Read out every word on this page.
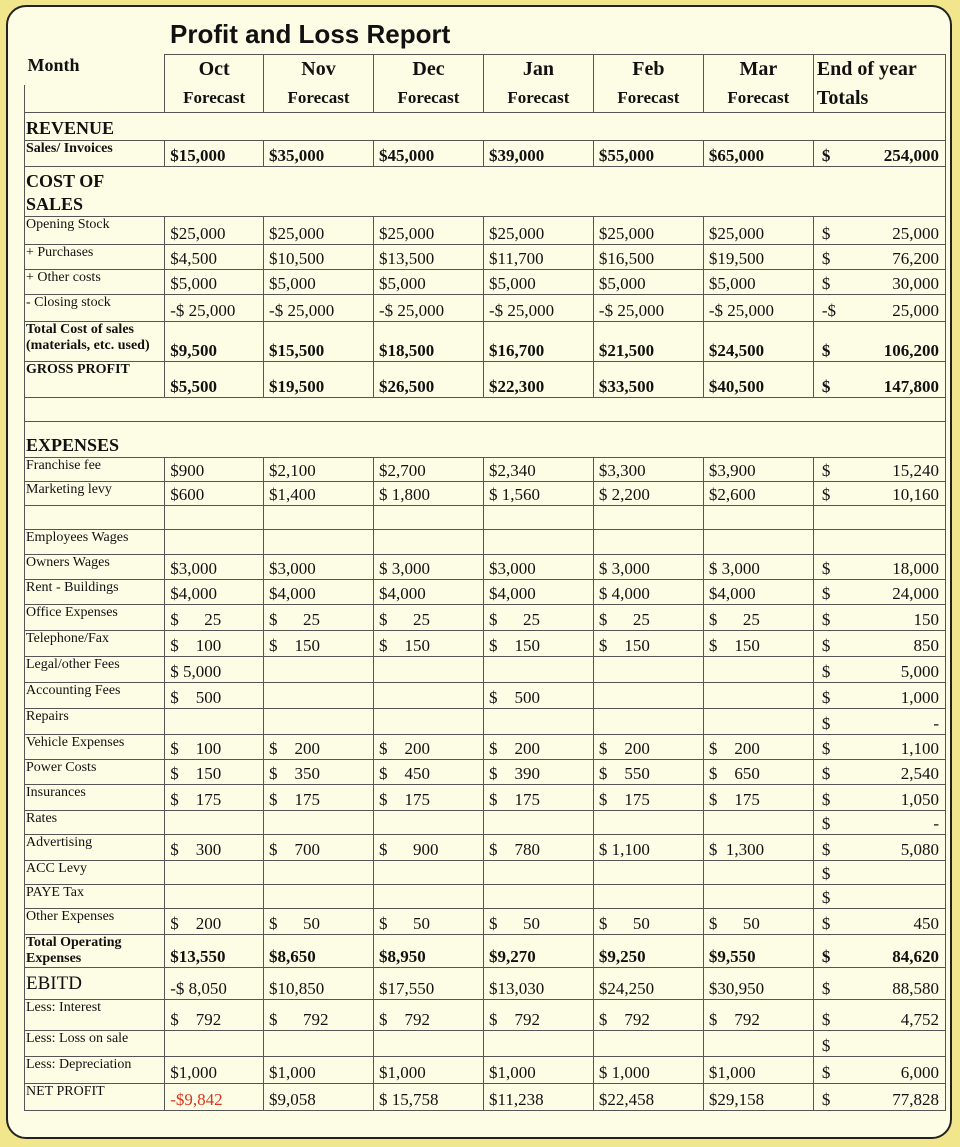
Profit and Loss Report
Month	Oct	Nov	Dec	Jan	Feb	Mar	End of year
	Forecast	Forecast	Forecast	Forecast	Forecast	Forecast	Totals

REVENUE							

Sales/ Invoices	$15,000	$35,000	$45,000	$39,000	$55,000	$65,000	$ 254,000

COST OF SALES							

Opening Stock	$25,000	$25,000	$25,000	$25,000	$25,000	$25,000	$ 25,000

+ Purchases	$4,500	$10,500	$13,500	$11,700	$16,500	$19,500	$ 76,200

+ Other costs	$5,000	$5,000	$5,000	$5,000	$5,000	$5,000	$ 30,000

- Closing stock	-$ 25,000	-$ 25,000	-$ 25,000	-$ 25,000	-$ 25,000	-$ 25,000	-$ 25,000

Total Cost of sales (materials, etc. used)	$9,500	$15,500	$18,500	$16,700	$21,500	$24,500	$ 106,200

GROSS PROFIT	$5,500	$19,500	$26,500	$22,300	$33,500	$40,500	$ 147,800

EXPENSES							

Franchise fee	$900	$2,100	$2,700	$2,340	$3,300	$3,900	$ 15,240

Marketing levy	$600	$1,400	$ 1,800	$ 1,560	$ 2,200	$2,600	$ 10,160

Employees Wages							

Owners Wages	$3,000	$3,000	$ 3,000	$3,000	$ 3,000	$ 3,000	$ 18,000

Rent - Buildings	$4,000	$4,000	$4,000	$4,000	$ 4,000	$4,000	$ 24,000

Office Expenses	$      25	$      25	$      25	$      25	$      25	$      25	$ 150

Telephone/Fax	$    100	$    150	$    150	$    150	$    150	$    150	$ 850

Legal/other Fees	$ 5,000						$ 5,000

Accounting Fees	$    500			$    500			$ 1,000

Repairs							$ -

Vehicle Expenses	$    100	$    200	$    200	$    200	$    200	$    200	$ 1,100

Power Costs	$    150	$    350	$    450	$    390	$    550	$    650	$ 2,540

Insurances	$    175	$    175	$    175	$    175	$    175	$    175	$ 1,050

Rates							$ -

Advertising	$    300	$    700	$      900	$    780	$ 1,100	$  1,300	$ 5,080

ACC Levy							$

PAYE Tax							$

Other Expenses	$    200	$      50	$      50	$      50	$      50	$      50	$ 450

Total Operating Expenses	$13,550	$8,650	$8,950	$9,270	$9,250	$9,550	$ 84,620

EBITD	-$ 8,050	$10,850	$17,550	$13,030	$24,250	$30,950	$ 88,580

Less: Interest	$    792	$      792	$    792	$    792	$    792	$    792	$ 4,752

Less: Loss on sale							$

Less: Depreciation	$1,000	$1,000	$1,000	$1,000	$ 1,000	$1,000	$ 6,000

NET PROFIT	-$9,842	$9,058	$ 15,758	$11,238	$22,458	$29,158	$ 77,828
